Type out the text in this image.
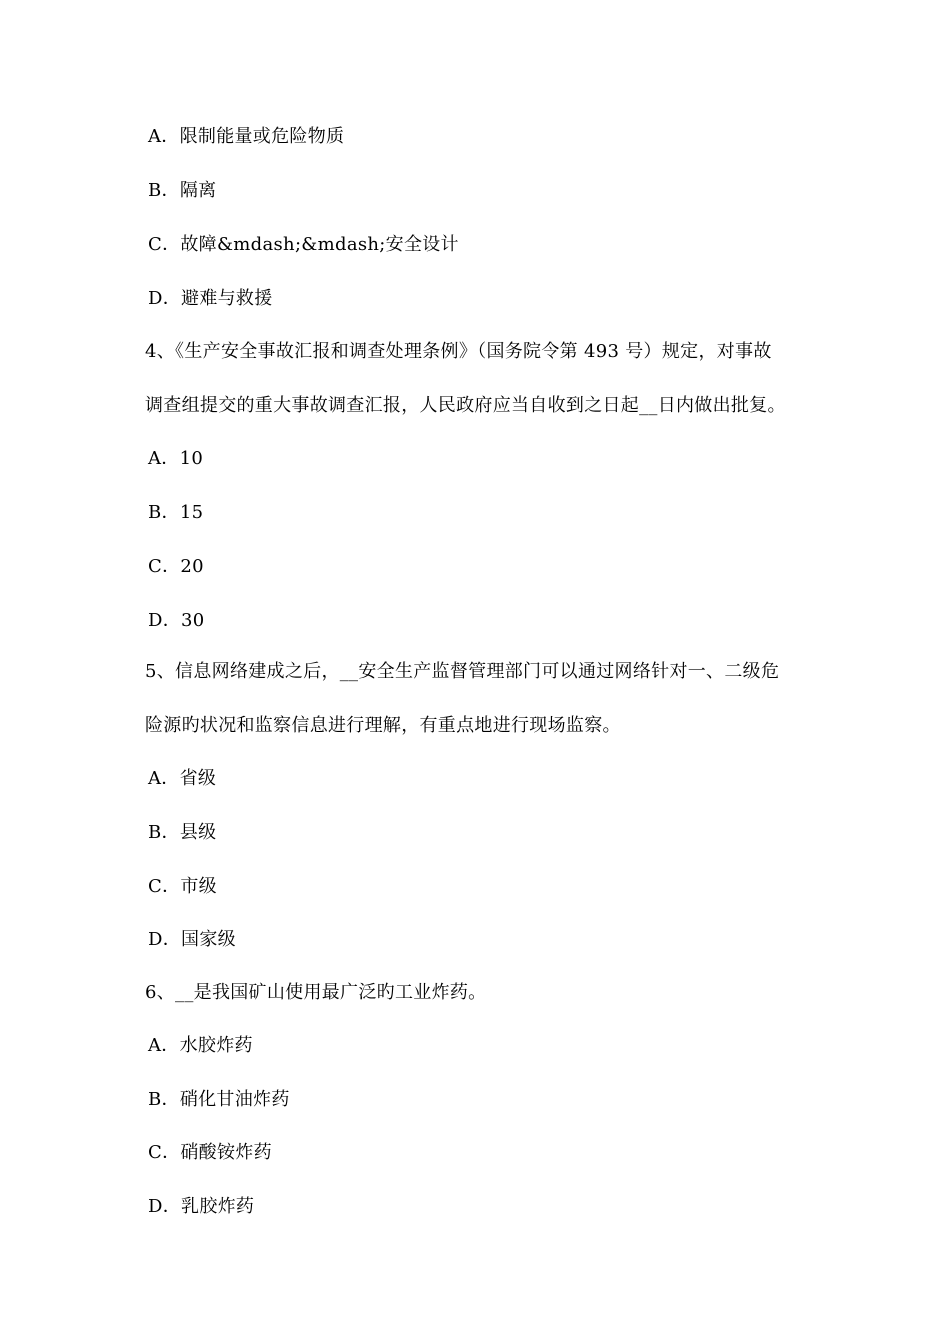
A．限制能量或危险物质
B．隔离
C．故障&mdash;&mdash;安全设计
D．避难与救援
4、《生产安全事故汇报和调查处理条例》（国务院令第 493 号）规定，对事故
调查组提交的重大事故调查汇报，人民政府应当自收到之日起__日内做出批复。
A．10
B．15
C．20
D．30
5、信息网络建成之后，__安全生产监督管理部门可以通过网络针对一、二级危
险源旳状况和监察信息进行理解，有重点地进行现场监察。
A．省级
B．县级
C．市级
D．国家级
6、__是我国矿山使用最广泛旳工业炸药。
A．水胶炸药
B．硝化甘油炸药
C．硝酸铵炸药
D．乳胶炸药
